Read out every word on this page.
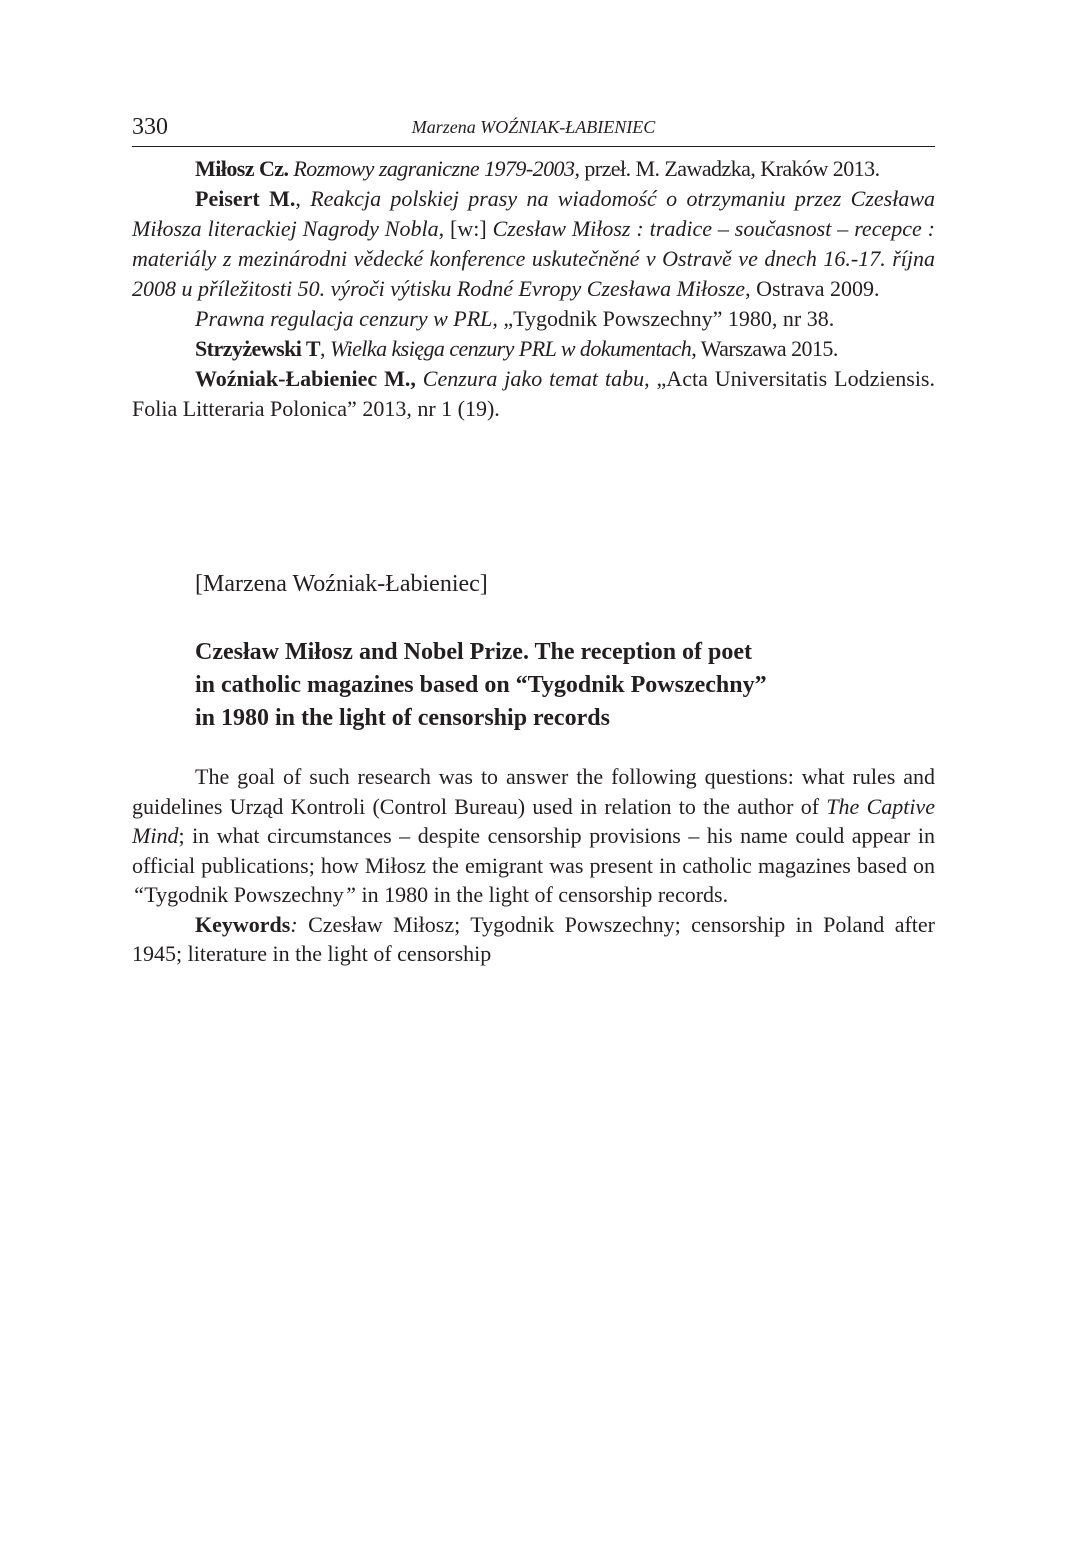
330	Marzena WOŹNIAK-ŁABIENIEC

Miłosz Cz. Rozmowy zagraniczne 1979-2003, przeł. M. Zawadzka, Kraków 2013.

Peisert M., Reakcja polskiej prasy na wiadomość o otrzymaniu przez Czesława Miłosza literackiej Nagrody Nobla, [w:] Czesław Miłosz : tradice – současnost – recepce : materiály z mezinárodni vědecké konference uskutečněné v Ostravě ve dnech 16.-17. října 2008 u příležitosti 50. výroči výtisku Rodné Evropy Czesława Miłosze, Ostrava 2009.

Prawna regulacja cenzury w PRL, „Tygodnik Powszechny” 1980, nr 38.

Strzyżewski T, Wielka księga cenzury PRL w dokumentach, Warszawa 2015.

Woźniak-Łabieniec M., Cenzura jako temat tabu, „Acta Universitatis Lodziensis. Folia Litteraria Polonica” 2013, nr 1 (19).

[Marzena Woźniak-Łabieniec]
Czesław Miłosz and Nobel Prize. The reception of poet
in catholic magazines based on “Tygodnik Powszechny”
in 1980 in the light of censorship records

The goal of such research was to answer the following questions: what rules and guidelines Urząd Kontroli (Control Bureau) used in relation to the author of The Captive Mind; in what circumstances – despite censorship provisions – his name could appear in official publications; how Miłosz the emigrant was present in catholic magazines based on “Tygodnik Powszechny” in 1980 in the light of censorship records.

Keywords: Czesław Miłosz; Tygodnik Powszechny; censorship in Poland after 1945; literature in the light of censorship
